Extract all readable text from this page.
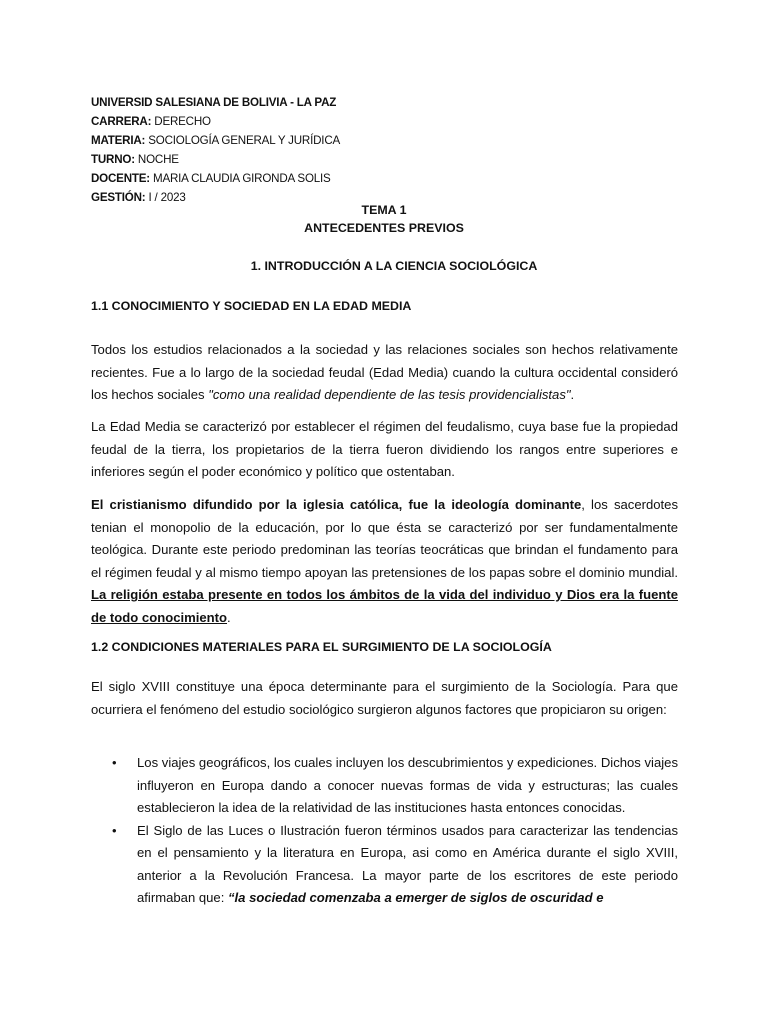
UNIVERSID SALESIANA DE BOLIVIA - LA PAZ
CARRERA: DERECHO
MATERIA: SOCIOLOGÍA GENERAL Y JURÍDICA
TURNO: NOCHE
DOCENTE: MARIA CLAUDIA GIRONDA SOLIS
GESTIÓN: I / 2023
TEMA 1
ANTECEDENTES PREVIOS
1. INTRODUCCIÓN A LA CIENCIA SOCIOLÓGICA
1.1 CONOCIMIENTO Y SOCIEDAD EN LA EDAD MEDIA
Todos los estudios relacionados a la sociedad y las relaciones sociales son hechos relativamente recientes. Fue a lo largo de la sociedad feudal (Edad Media) cuando la cultura occidental consideró los hechos sociales "como una realidad dependiente de las tesis providencialistas".
La Edad Media se caracterizó por establecer el régimen del feudalismo, cuya base fue la propiedad feudal de la tierra, los propietarios de la tierra fueron dividiendo los rangos entre superiores e inferiores según el poder económico y político que ostentaban.
El cristianismo difundido por la iglesia católica, fue la ideología dominante, los sacerdotes tenian el monopolio de la educación, por lo que ésta se caracterizó por ser fundamentalmente teológica. Durante este periodo predominan las teorías teocráticas que brindan el fundamento para el régimen feudal y al mismo tiempo apoyan las pretensiones de los papas sobre el dominio mundial. La religión estaba presente en todos los ámbitos de la vida del individuo y Dios era la fuente de todo conocimiento.
1.2 CONDICIONES MATERIALES PARA EL SURGIMIENTO DE LA SOCIOLOGÍA
El siglo XVIII constituye una época determinante para el surgimiento de la Sociología. Para que ocurriera el fenómeno del estudio sociológico surgieron algunos factores que propiciaron su origen:
• Los viajes geográficos, los cuales incluyen los descubrimientos y expediciones. Dichos viajes influyeron en Europa dando a conocer nuevas formas de vida y estructuras; las cuales establecieron la idea de la relatividad de las instituciones hasta entonces conocidas.
• El Siglo de las Luces o Ilustración fueron términos usados para caracterizar las tendencias en el pensamiento y la literatura en Europa, asi como en América durante el siglo XVIII, anterior a la Revolución Francesa. La mayor parte de los escritores de este periodo afirmaban que: “la sociedad comenzaba a emerger de siglos de oscuridad e
